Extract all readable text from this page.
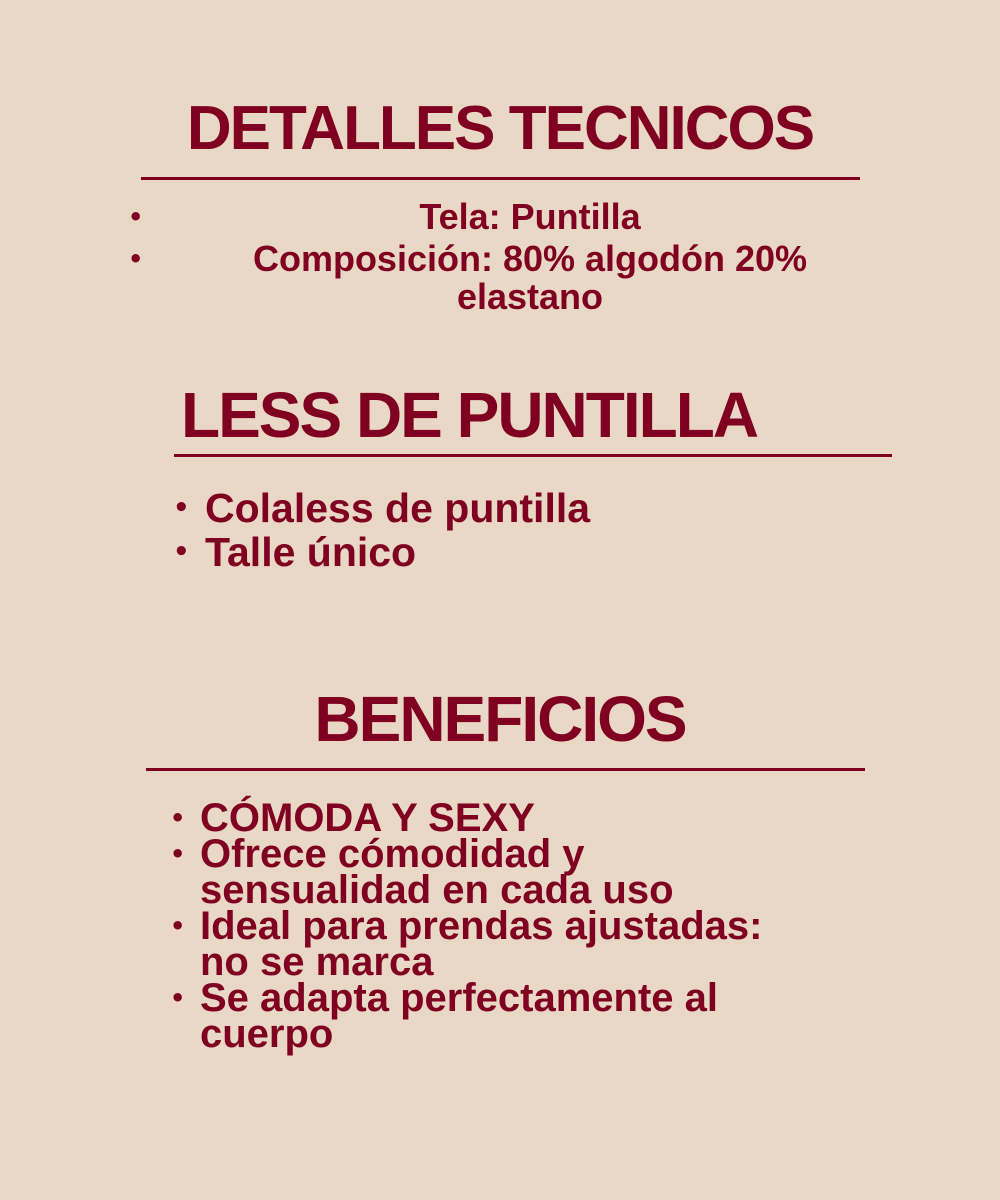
DETALLES TECNICOS
•	Tela: Puntilla
•	Composición: 80% algodón 20%
elastano
LESS DE PUNTILLA
• Colaless de puntilla
• Talle único
BENEFICIOS
• CÓMODA Y SEXY
• Ofrece cómodidad y
sensualidad en cada uso
• Ideal para prendas ajustadas:
no se marca
• Se adapta perfectamente al
cuerpo
